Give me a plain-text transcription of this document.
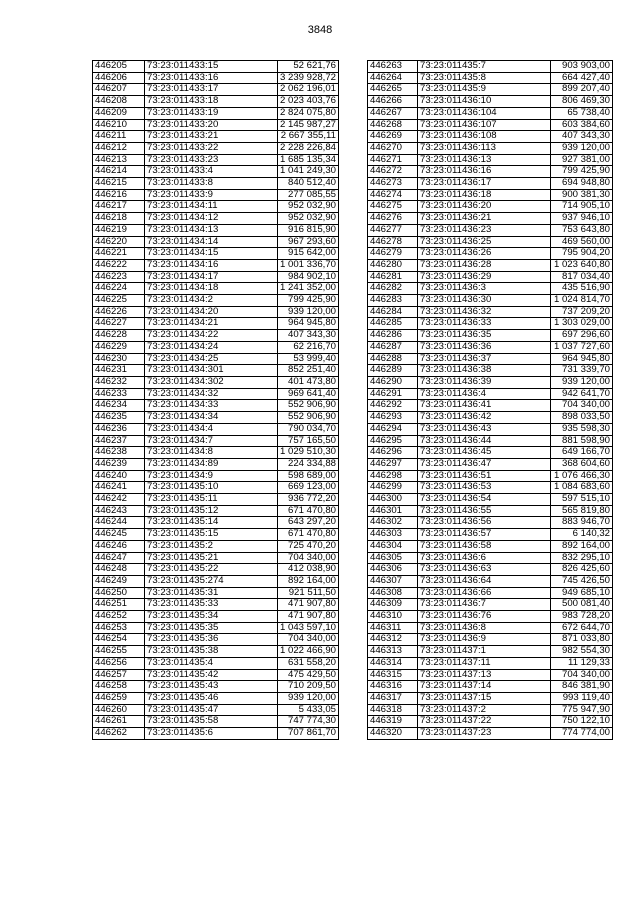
3848
446205	73:23:011433:15	52 621,76
446206	73:23:011433:16	3 239 928,72
446207	73:23:011433:17	2 062 196,01
446208	73:23:011433:18	2 023 403,76
446209	73:23:011433:19	2 824 075,80
446210	73:23:011433:20	2 145 987,27
446211	73:23:011433:21	2 667 355,11
446212	73:23:011433:22	2 228 226,84
446213	73:23:011433:23	1 685 135,34
446214	73:23:011433:4	1 041 249,30
446215	73:23:011433:8	840 512,40
446216	73:23:011433:9	277 085,55
446217	73:23:011434:11	952 032,90
446218	73:23:011434:12	952 032,90
446219	73:23:011434:13	916 815,90
446220	73:23:011434:14	967 293,60
446221	73:23:011434:15	915 642,00
446222	73:23:011434:16	1 001 336,70
446223	73:23:011434:17	984 902,10
446224	73:23:011434:18	1 241 352,00
446225	73:23:011434:2	799 425,90
446226	73:23:011434:20	939 120,00
446227	73:23:011434:21	964 945,80
446228	73:23:011434:22	407 343,30
446229	73:23:011434:24	62 216,70
446230	73:23:011434:25	53 999,40
446231	73:23:011434:301	852 251,40
446232	73:23:011434:302	401 473,80
446233	73:23:011434:32	969 641,40
446234	73:23:011434:33	552 906,90
446235	73:23:011434:34	552 906,90
446236	73:23:011434:4	790 034,70
446237	73:23:011434:7	757 165,50
446238	73:23:011434:8	1 029 510,30
446239	73:23:011434:89	224 334,88
446240	73:23:011434:9	598 689,00
446241	73:23:011435:10	669 123,00
446242	73:23:011435:11	936 772,20
446243	73:23:011435:12	671 470,80
446244	73:23:011435:14	643 297,20
446245	73:23:011435:15	671 470,80
446246	73:23:011435:2	725 470,20
446247	73:23:011435:21	704 340,00
446248	73:23:011435:22	412 038,90
446249	73:23:011435:274	892 164,00
446250	73:23:011435:31	921 511,50
446251	73:23:011435:33	471 907,80
446252	73:23:011435:34	471 907,80
446253	73:23:011435:35	1 043 597,10
446254	73:23:011435:36	704 340,00
446255	73:23:011435:38	1 022 466,90
446256	73:23:011435:4	631 558,20
446257	73:23:011435:42	475 429,50
446258	73:23:011435:43	710 209,50
446259	73:23:011435:46	939 120,00
446260	73:23:011435:47	5 433,05
446261	73:23:011435:58	747 774,30
446262	73:23:011435:6	707 861,70
446263	73:23:011435:7	903 903,00
446264	73:23:011435:8	664 427,40
446265	73:23:011435:9	899 207,40
446266	73:23:011436:10	806 469,30
446267	73:23:011436:104	65 738,40
446268	73:23:011436:107	603 384,60
446269	73:23:011436:108	407 343,30
446270	73:23:011436:113	939 120,00
446271	73:23:011436:13	927 381,00
446272	73:23:011436:16	799 425,90
446273	73:23:011436:17	694 948,80
446274	73:23:011436:18	900 381,30
446275	73:23:011436:20	714 905,10
446276	73:23:011436:21	937 946,10
446277	73:23:011436:23	753 643,80
446278	73:23:011436:25	469 560,00
446279	73:23:011436:26	795 904,20
446280	73:23:011436:28	1 023 640,80
446281	73:23:011436:29	817 034,40
446282	73:23:011436:3	435 516,90
446283	73:23:011436:30	1 024 814,70
446284	73:23:011436:32	737 209,20
446285	73:23:011436:33	1 303 029,00
446286	73:23:011436:35	697 296,60
446287	73:23:011436:36	1 037 727,60
446288	73:23:011436:37	964 945,80
446289	73:23:011436:38	731 339,70
446290	73:23:011436:39	939 120,00
446291	73:23:011436:4	942 641,70
446292	73:23:011436:41	704 340,00
446293	73:23:011436:42	898 033,50
446294	73:23:011436:43	935 598,30
446295	73:23:011436:44	881 598,90
446296	73:23:011436:45	649 166,70
446297	73:23:011436:47	368 604,60
446298	73:23:011436:51	1 076 466,30
446299	73:23:011436:53	1 084 683,60
446300	73:23:011436:54	597 515,10
446301	73:23:011436:55	565 819,80
446302	73:23:011436:56	883 946,70
446303	73:23:011436:57	6 140,32
446304	73:23:011436:58	892 164,00
446305	73:23:011436:6	832 295,10
446306	73:23:011436:63	826 425,60
446307	73:23:011436:64	745 426,50
446308	73:23:011436:66	949 685,10
446309	73:23:011436:7	500 081,40
446310	73:23:011436:76	983 728,20
446311	73:23:011436:8	672 644,70
446312	73:23:011436:9	871 033,80
446313	73:23:011437:1	982 554,30
446314	73:23:011437:11	11 129,33
446315	73:23:011437:13	704 340,00
446316	73:23:011437:14	846 381,90
446317	73:23:011437:15	993 119,40
446318	73:23:011437:2	775 947,90
446319	73:23:011437:22	750 122,10
446320	73:23:011437:23	774 774,00
